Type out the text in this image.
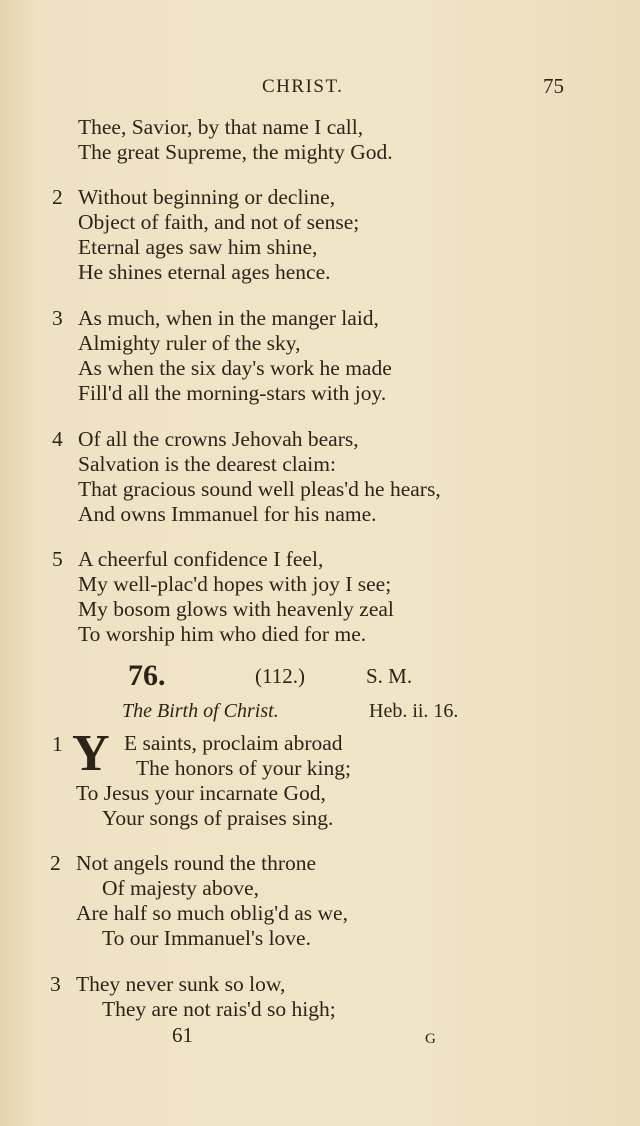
CHRIST.	75
Thee, Savior, by that name I call,
The great Supreme, the mighty God.
2 Without beginning or decline,
Object of faith, and not of sense;
Eternal ages saw him shine,
He shines eternal ages hence.
3 As much, when in the manger laid,
Almighty ruler of the sky,
As when the six day's work he made
Fill'd all the morning-stars with joy.
4 Of all the crowns Jehovah bears,
Salvation is the dearest claim:
That gracious sound well pleas'd he hears,
And owns Immanuel for his name.
5 A cheerful confidence I feel,
My well-plac'd hopes with joy I see;
My bosom glows with heavenly zeal
To worship him who died for me.
76.	(112.)	S. M.
The Birth of Christ.	Heb. ii. 16.
1 Y E saints, proclaim abroad
The honors of your king;
To Jesus your incarnate God,
Your songs of praises sing.
2 Not angels round the throne
Of majesty above,
Are half so much oblig'd as we,
To our Immanuel's love.
3 They never sunk so low,
They are not rais'd so high;
61	G
